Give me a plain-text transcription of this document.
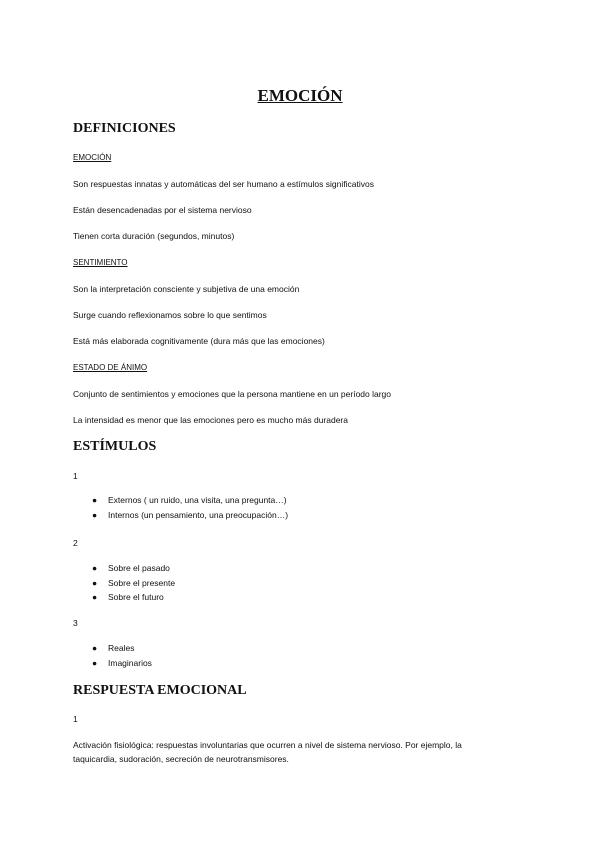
EMOCIÓN
DEFINICIONES

EMOCIÓN

Son respuestas innatas y automáticas del ser humano a estímulos significativos

Están desencadenadas por el sistema nervioso

Tienen corta duración (segundos, minutos)

SENTIMIENTO

Son la interpretación consciente y subjetiva de una emoción

Surge cuando reflexionamos sobre lo que sentimos

Está más elaborada cognitivamente (dura más que las emociones)

ESTADO DE ÁNIMO

Conjunto de sentimientos y emociones que la persona mantiene en un período largo

La intensidad es menor que las emociones pero es mucho más duradera

ESTÍMULOS

1

● Externos ( un ruido, una visita, una pregunta…)
● Internos (un pensamiento, una preocupación…)

2

● Sobre el pasado
● Sobre el presente
● Sobre el futuro

3

● Reales
● Imaginarios
RESPUESTA EMOCIONAL

1

Activación fisiológica: respuestas involuntarias que ocurren a nivel de sistema nervioso. Por ejemplo, la taquicardia, sudoración, secreción de neurotransmisores.
